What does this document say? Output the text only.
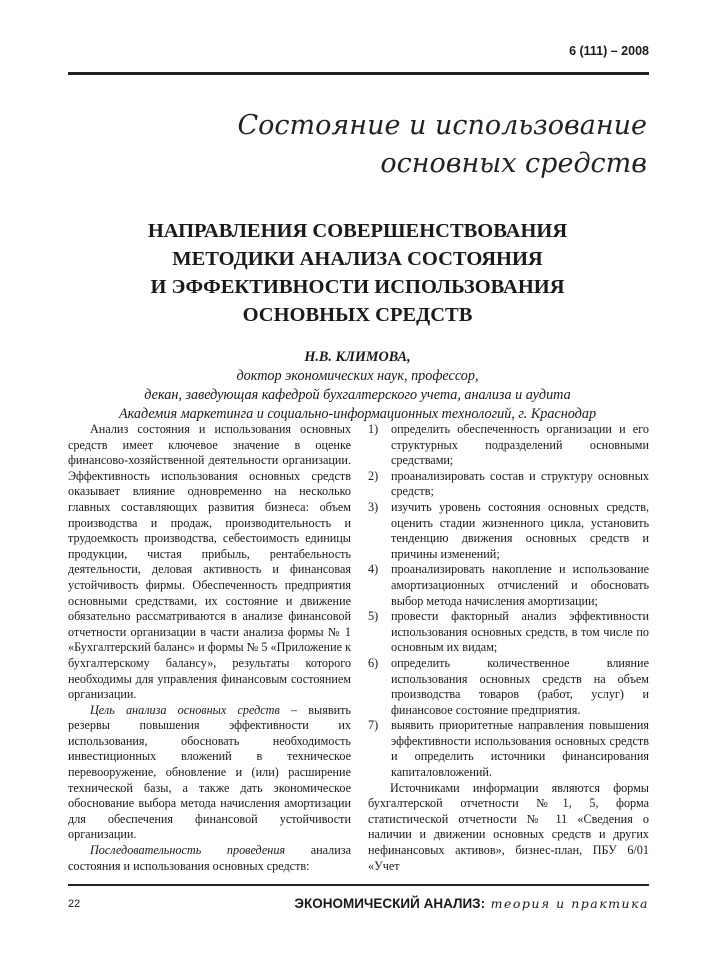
6 (111) – 2008
Состояние и использование
основных средств
НАПРАВЛЕНИЯ СОВЕРШЕНСТВОВАНИЯ
МЕТОДИКИ АНАЛИЗА СОСТОЯНИЯ
И ЭФФЕКТИВНОСТИ ИСПОЛЬЗОВАНИЯ
ОСНОВНЫХ СРЕДСТВ
Н.В. КЛИМОВА,
доктор экономических наук, профессор,
декан, заведующая кафедрой бухгалтерского учета, анализа и аудита
Академия маркетинга и социально-информационных технологий, г. Краснодар

Анализ состояния и использования основных средств имеет ключевое значение в оценке финансово-хозяйственной деятельности организации. Эффективность использования основных средств оказывает влияние одновременно на несколько главных составляющих развития бизнеса: объем производства и продаж, производительность и трудоемкость производства, себестоимость единицы продукции, чистая прибыль, рентабельность деятельности, деловая активность и финансовая устойчивость фирмы. Обеспеченность предприятия основными средствами, их состояние и движение обязательно рассматриваются в анализе финансовой отчетности организации в части анализа формы № 1 «Бухгалтерский баланс» и формы № 5 «Приложение к бухгалтерскому балансу», результаты которого необходимы для управления финансовым состоянием организации.

Цель анализа основных средств – выявить резервы повышения эффективности их использования, обосновать необходимость инвестиционных вложений в техническое перевооружение, обновление и (или) расширение технической базы, а также дать экономическое обоснование выбора метода начисления амортизации для обеспечения финансовой устойчивости организации.

Последовательность проведения анализа состояния и использования основных средств:

1)	определить обеспеченность организации и его структурных подразделений основными средствами;
2)	проанализировать состав и структуру основных средств;
3)	изучить уровень состояния основных средств, оценить стадии жизненного цикла, установить тенденцию движения основных средств и причины изменений;
4)	проанализировать накопление и использование амортизационных отчислений и обосновать выбор метода начисления амортизации;
5)	провести факторный анализ эффективности использования основных средств, в том числе по основным их видам;
6)	определить количественное влияние использования основных средств на объем производства товаров (работ, услуг) и финансовое состояние предприятия.
7)	выявить приоритетные направления повышения эффективности использования основных средств и определить источники финансирования капиталовложений.

Источниками информации являются формы бухгалтерской отчетности №1, 5, форма статистической отчетности № 11 «Сведения о наличии и движении основных средств и других нефинансовых активов», бизнес-план, ПБУ 6/01 «Учет

22	ЭКОНОМИЧЕСКИЙ АНАЛИЗ: теория и практика
